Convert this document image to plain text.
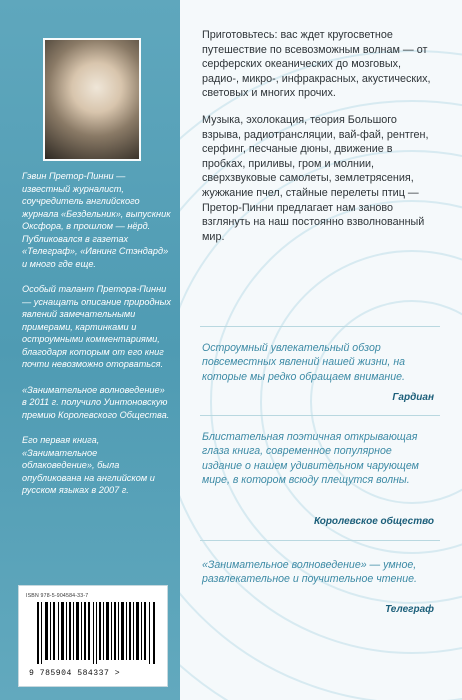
Гэвин Претор-Пинни — известный журналист, соучредитель английского журнала «Бездельник», выпускник Оксфора, в прошлом — нёрд. Публиковался в газетах «Телеграф», «Ивнинг Стэндард» и много где еще.

Особый талант Претора-Пинни — уснащать описание природных явлений замечательными примерами, картинками и остроумными комментариями, благодаря которым от его книг почти невозможно оторваться.

«Занимательное волноведение» в 2011 г. получило Уинтоновскую премию Королевского Общества.

Его первая книга, «Занимательное облаковедение», была опубликована на английском и русском языках в 2007 г.

ISBN 978-5-904584-33-7
9 785904 584337 >

Приготовьтесь: вас ждет кругосветное путешествие по всевозможным волнам — от серферских океанических до мозговых, радио-, микро-, инфракрасных, акустических, световых и многих прочих.

Музыка, эхолокация, теория Большого взрыва, радиотрансляции, вай-фай, рентген, серфинг, песчаные дюны, движение в пробках, приливы, гром и молнии, сверхзвуковые самолеты, землетрясения, жужжание пчел, стайные перелеты птиц — Претор-Пинни предлагает нам заново взглянуть на наш постоянно взволнованный мир.

Остроумный увлекательный обзор повсеместных явлений нашей жизни, на которые мы редко обращаем внимание.
Гардиан
Блистательная поэтичная открывающая глаза книга, современное популярное издание о нашем удивительном чарующем мире, в котором всюду плещутся волны.
Королевское общество
«Занимательное волноведение» — умное, развлекательное и поучительное чтение.
Телеграф
